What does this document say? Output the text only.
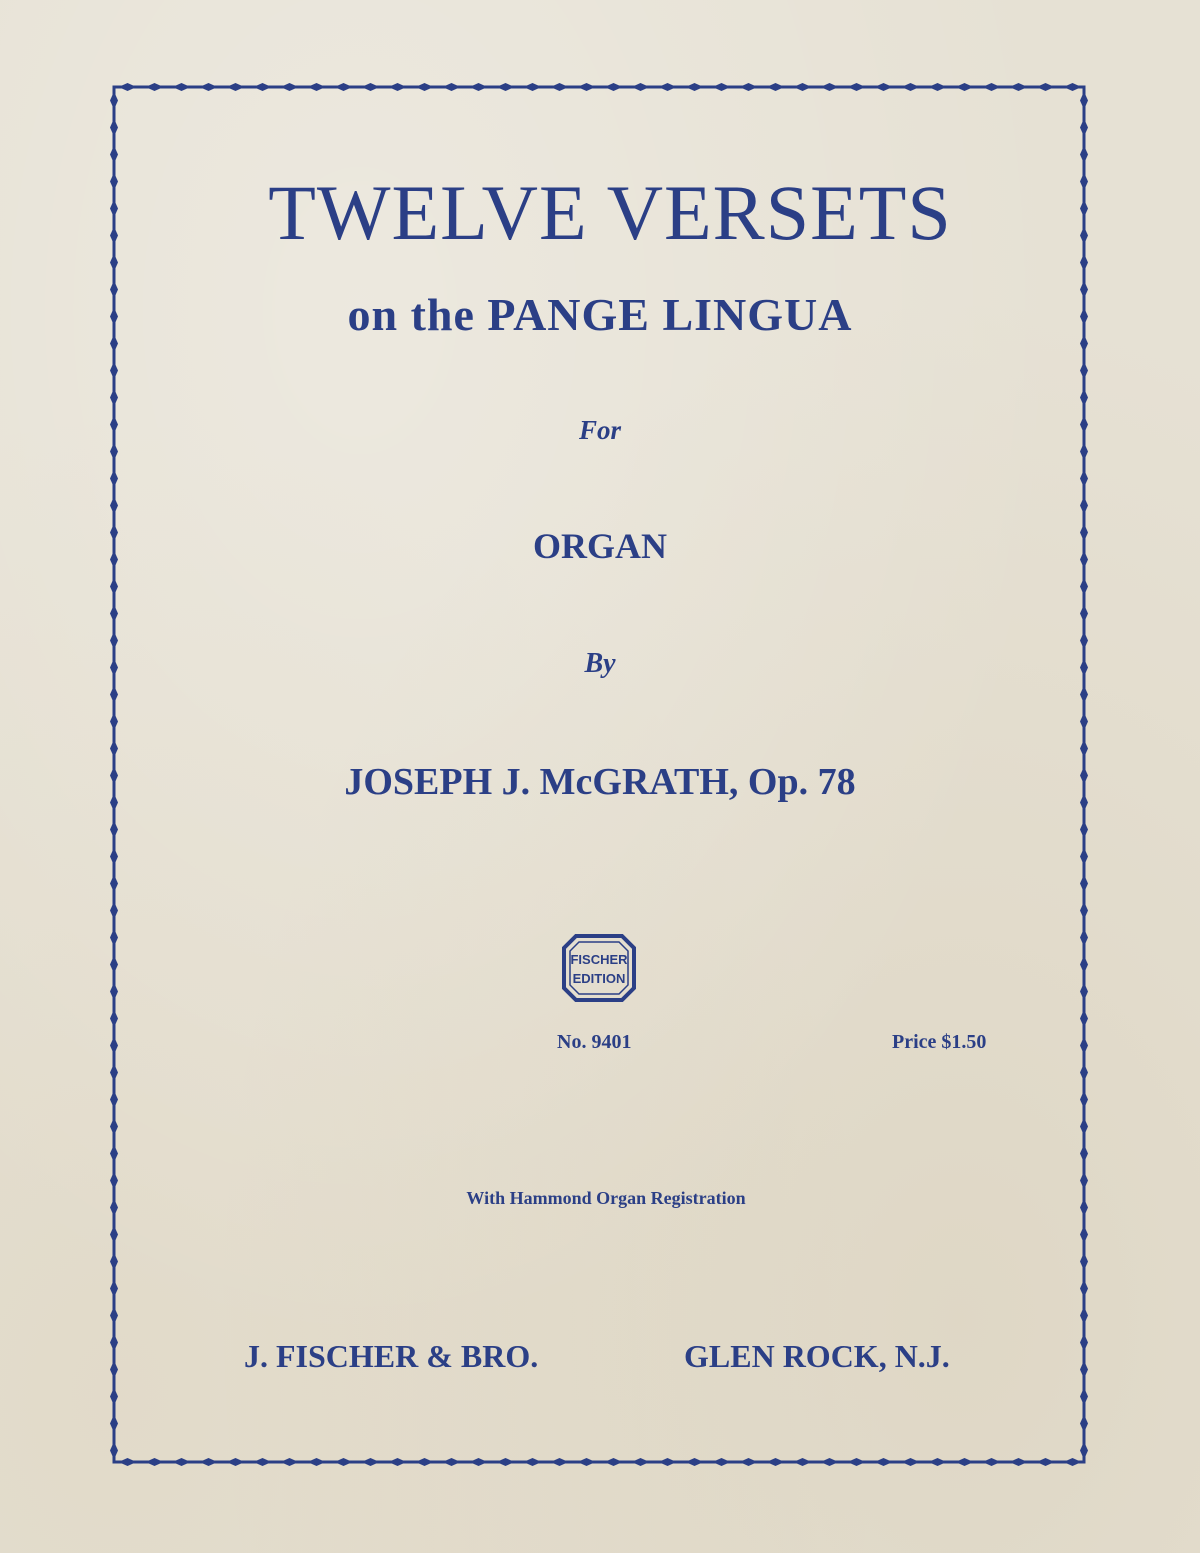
TWELVE VERSETS
on the PANGE LINGUA
For
ORGAN
By
JOSEPH J. McGRATH, Op. 78
FISCHER
EDITION
No. 9401	Price $1.50
With Hammond Organ Registration
J. FISCHER & BRO.	GLEN ROCK, N.J.
